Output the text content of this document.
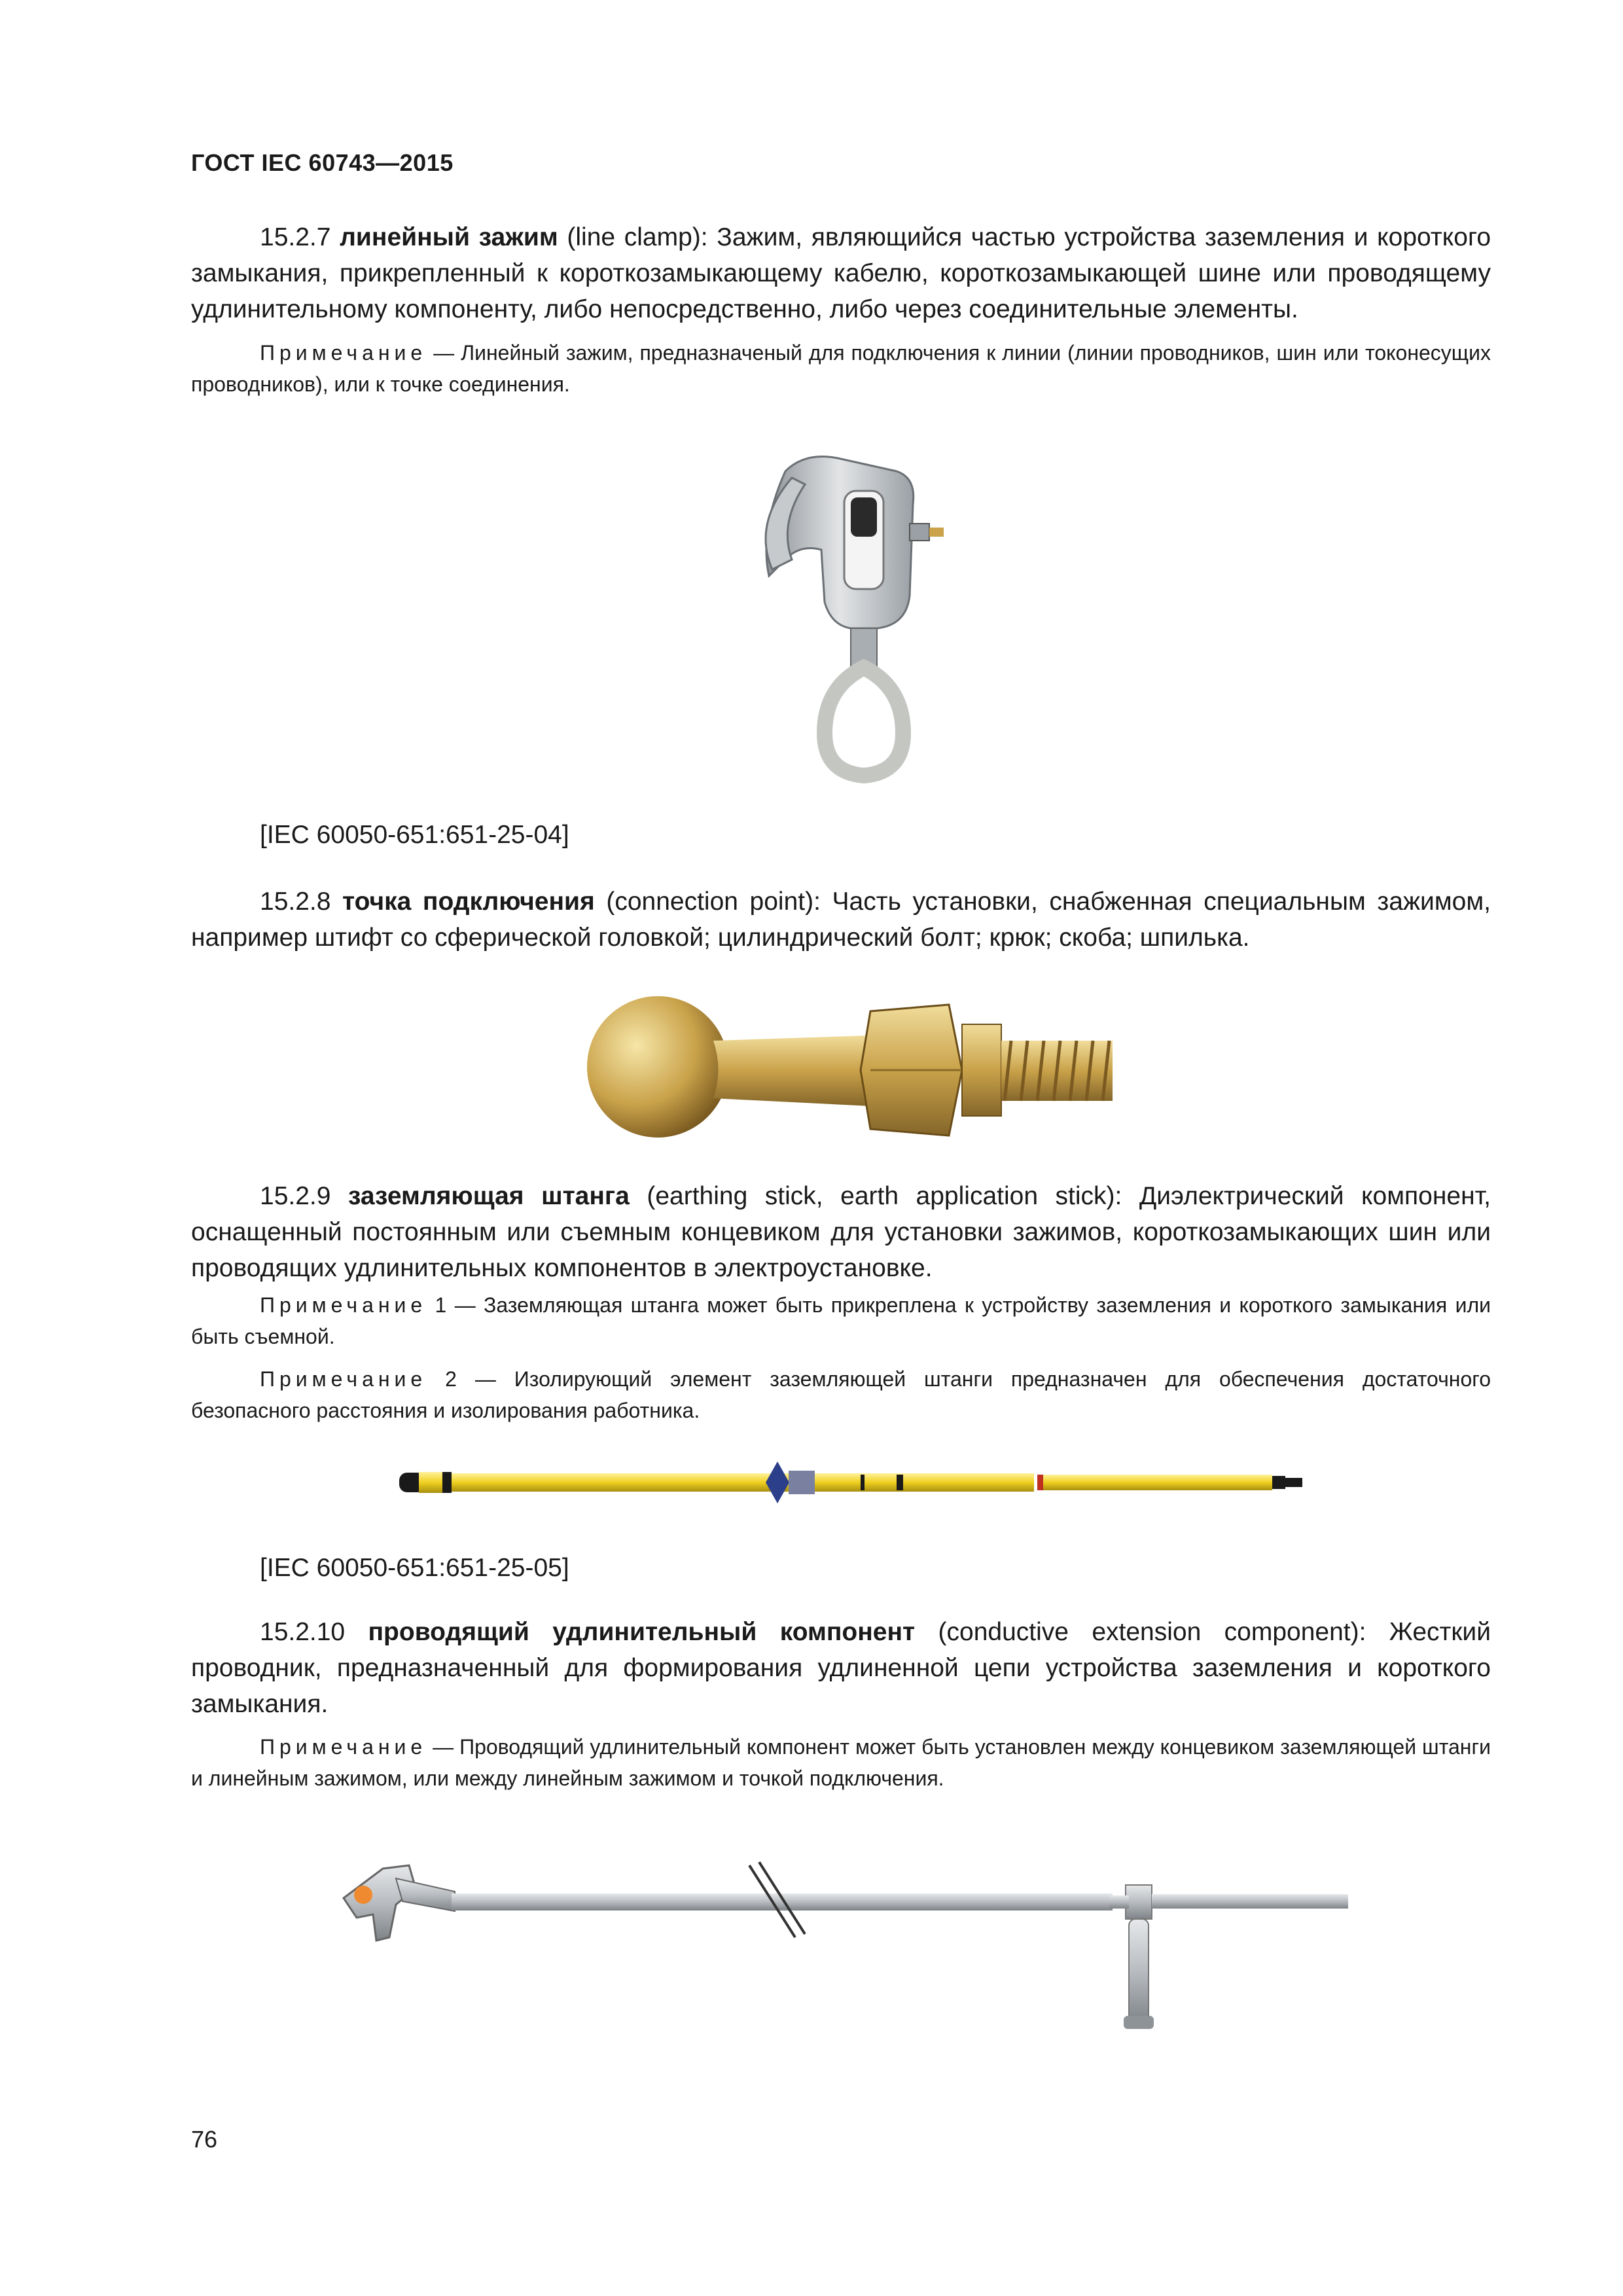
ГОСТ IEC 60743—2015
15.2.7 линейный зажим (line clamp): Зажим, являющийся частью устройства заземления и короткого замыкания, прикрепленный к короткозамыкающему кабелю, короткозамыкающей шине или проводящему удлинительному компоненту, либо непосредственно, либо через соединительные элементы.
Примечание — Линейный зажим, предназначеный для подключения к линии (линии проводников, шин или токонесущих проводников), или к точке соединения.
[IEC 60050-651:651-25-04]
15.2.8 точка подключения (connection point): Часть установки, снабженная специальным зажимом, например штифт со сферической головкой; цилиндрический болт; крюк; скоба; шпилька.
15.2.9 заземляющая штанга (earthing stick, earth application stick): Диэлектрический компонент, оснащенный постоянным или съемным концевиком для установки зажимов, короткозамыкающих шин или проводящих удлинительных компонентов в электроустановке.
Примечание 1 — Заземляющая штанга может быть прикреплена к устройству заземления и короткого замыкания или быть съемной.
Примечание 2 — Изолирующий элемент заземляющей штанги предназначен для обеспечения достаточного безопасного расстояния и изолирования работника.
[IEC 60050-651:651-25-05]
15.2.10 проводящий удлинительный компонент (conductive extension component): Жесткий проводник, предназначенный для формирования удлиненной цепи устройства заземления и короткого замыкания.
Примечание — Проводящий удлинительный компонент может быть установлен между концевиком заземляющей штанги и линейным зажимом, или между линейным зажимом и точкой подключения.
76
